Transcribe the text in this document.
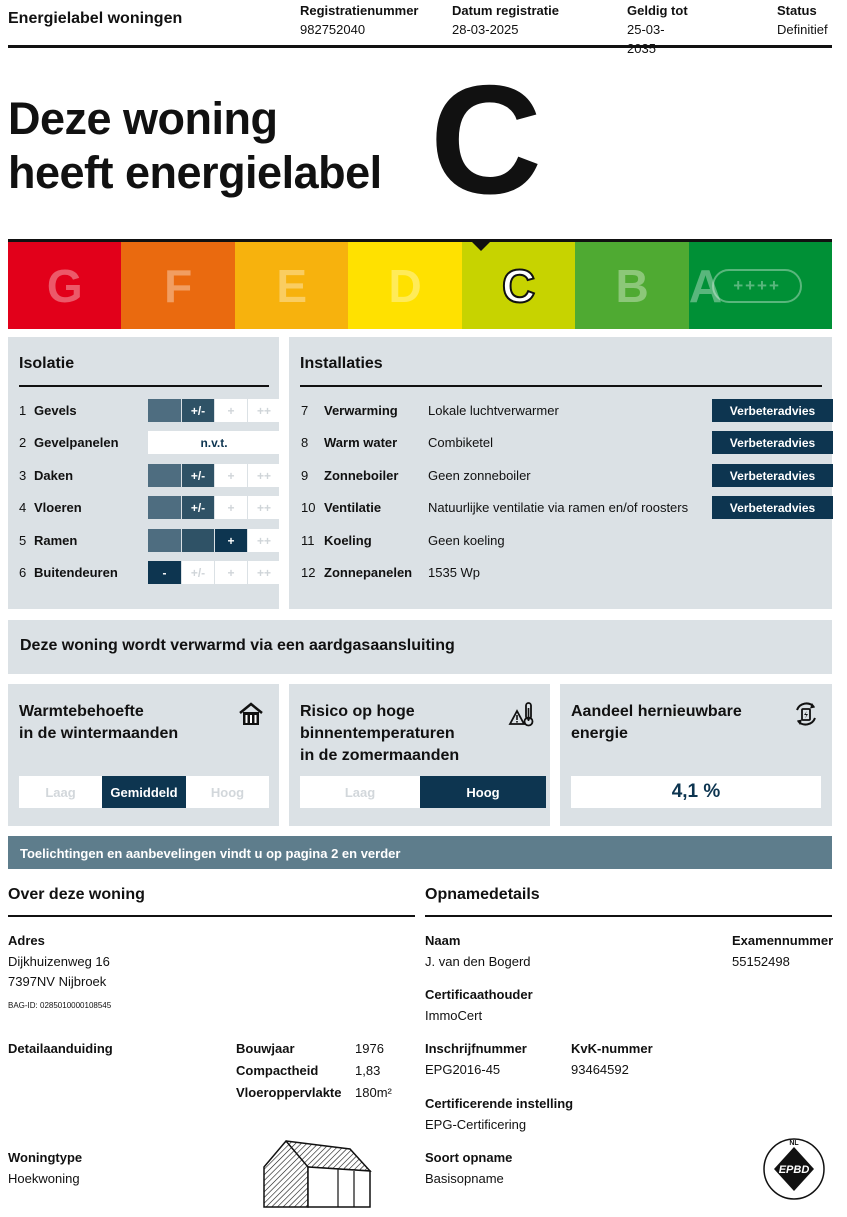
Energielabel woningen	Registratienummer
982752040
Datum registratie
28-03-2025
Geldig tot
25-03-2035
Status
Definitief
Deze woning
heeft energielabel C
G F E D C B A ++++
Isolatie
1 Gevels	+/-	+	++
2 Gevelpanelen	n.v.t.
3 Daken	+/-	+	++
4 Vloeren	+/-	+	++
5 Ramen	+	++
6 Buitendeuren	-	+/-	+	++
Installaties
7	Verwarming	Lokale luchtverwarmer	Verbeteradvies
8	Warm water	Combiketel	Verbeteradvies
9	Zonneboiler	Geen zonneboiler	Verbeteradvies
10 Ventilatie	Natuurlijke ventilatie via ramen en/of roosters	Verbeteradvies
11 Koeling	Geen koeling
12 Zonnepanelen	1535 Wp
Deze woning wordt verwarmd via een aardgasaansluiting
Warmtebehoefte
in de wintermaanden
Laag	Gemiddeld	Hoog
Risico op hoge
binnentemperaturen
in de zomermaanden
Laag	Hoog
Aandeel hernieuwbare
energie
4,1 %
Toelichtingen en aanbevelingen vindt u op pagina 2 en verder
Over deze woning
Adres
Dijkhuizenweg 16
7397NV Nijbroek
BAG-ID: 0285010000108545
Detailaanduiding	Bouwjaar	1976
Compactheid	1,83
Vloeroppervlakte 180m²
Woningtype
Hoekwoning
Opnamedetails
Naam
J. van den Bogerd
Examennummer
55152498
Certificaathouder
ImmoCert
Inschrijfnummer
EPG2016-45
KvK-nummer
93464592
Certificerende instelling
EPG-Certificering
Soort opname
Basisopname
EPBD
NL
